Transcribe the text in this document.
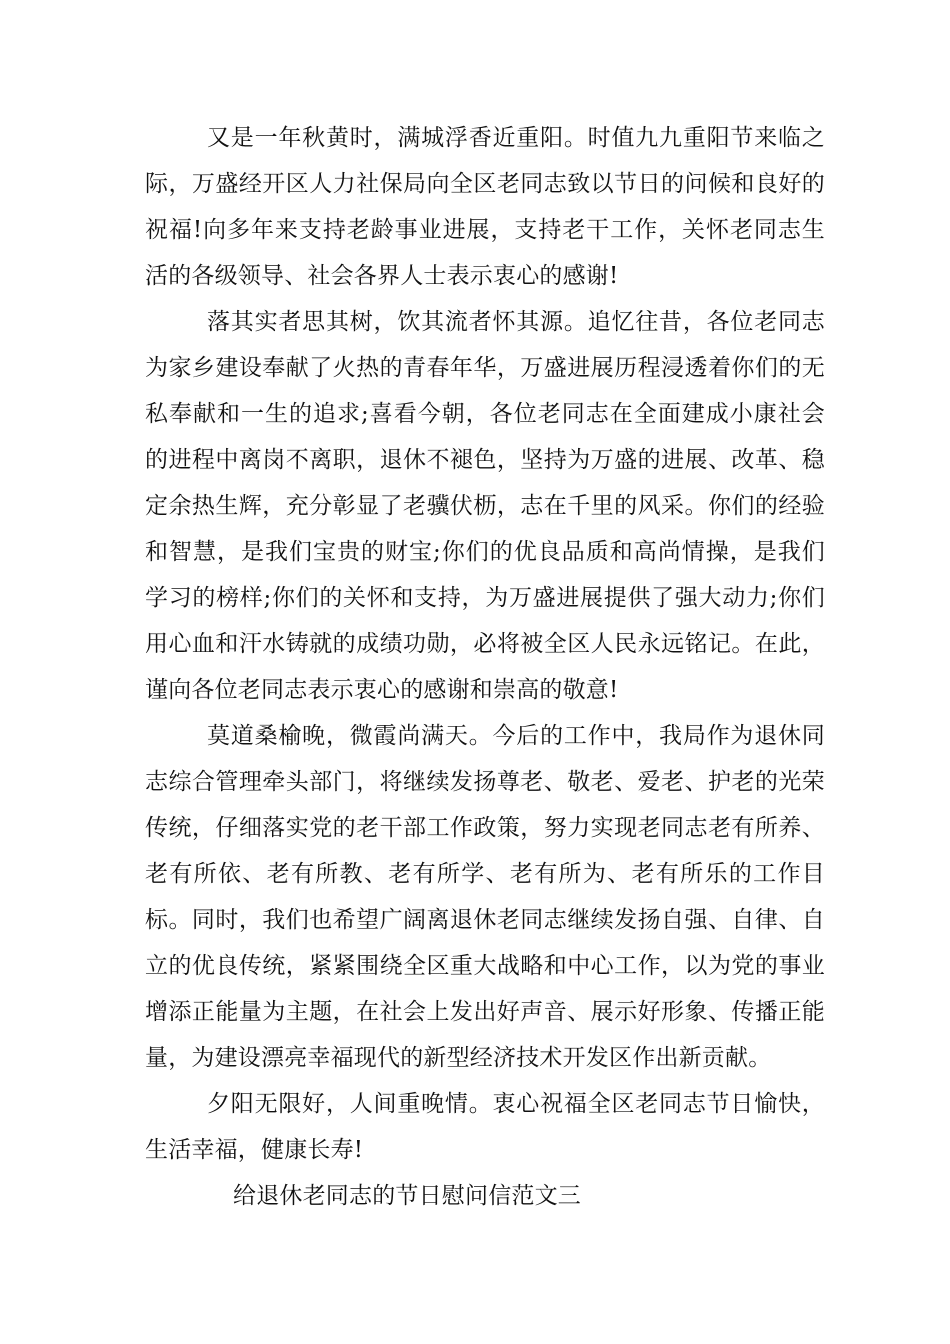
又是一年秋黄时，满城浮香近重阳。时值九九重阳节来临之际，万盛经开区人力社保局向全区老同志致以节日的问候和良好的祝福!向多年来支持老龄事业进展，支持老干工作，关怀老同志生活的各级领导、社会各界人士表示衷心的感谢!

落其实者思其树，饮其流者怀其源。追忆往昔，各位老同志为家乡建设奉献了火热的青春年华，万盛进展历程浸透着你们的无私奉献和一生的追求;喜看今朝，各位老同志在全面建成小康社会的进程中离岗不离职，退休不褪色，坚持为万盛的进展、改革、稳定余热生辉，充分彰显了老骥伏枥，志在千里的风采。你们的经验和智慧，是我们宝贵的财宝;你们的优良品质和高尚情操，是我们学习的榜样;你们的关怀和支持，为万盛进展提供了强大动力;你们用心血和汗水铸就的成绩功勋，必将被全区人民永远铭记。在此，谨向各位老同志表示衷心的感谢和崇高的敬意!

莫道桑榆晚，微霞尚满天。今后的工作中，我局作为退休同志综合管理牵头部门，将继续发扬尊老、敬老、爱老、护老的光荣传统，仔细落实党的老干部工作政策，努力实现老同志老有所养、老有所依、老有所教、老有所学、老有所为、老有所乐的工作目标。同时，我们也希望广阔离退休老同志继续发扬自强、自律、自立的优良传统，紧紧围绕全区重大战略和中心工作，以为党的事业增添正能量为主题，在社会上发出好声音、展示好形象、传播正能量，为建设漂亮幸福现代的新型经济技术开发区作出新贡献。

夕阳无限好，人间重晚情。衷心祝福全区老同志节日愉快，生活幸福，健康长寿!

给退休老同志的节日慰问信范文三
